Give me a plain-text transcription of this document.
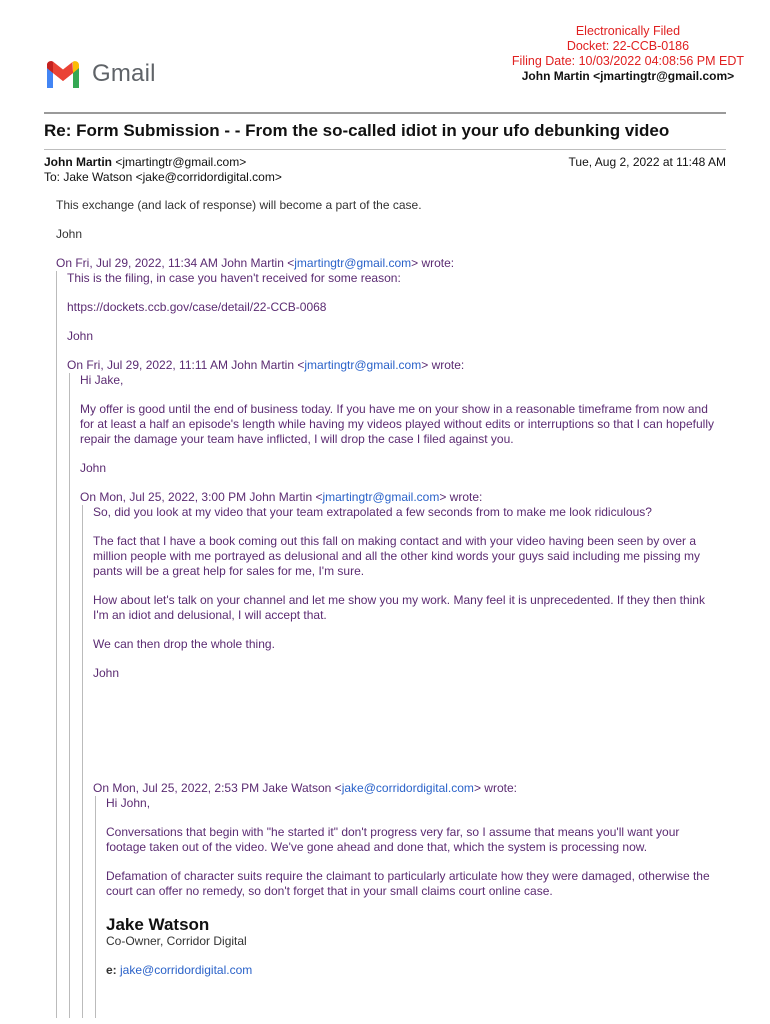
Electronically Filed
Docket: 22-CCB-0186
Filing Date: 10/03/2022 04:08:56 PM EDT
John Martin <jmartingtr@gmail.com>
Gmail
Re: Form Submission - - From the so-called idiot in your ufo debunking video
John Martin <jmartingtr@gmail.com>
To: Jake Watson <jake@corridordigital.com>
Tue, Aug 2, 2022 at 11:48 AM

This exchange (and lack of response) will become a part of the case.

John

On Fri, Jul 29, 2022, 11:34 AM John Martin <jmartingtr@gmail.com> wrote:

This is the filing, in case you haven't received for some reason:

https://dockets.ccb.gov/case/detail/22-CCB-0068

John

On Fri, Jul 29, 2022, 11:11 AM John Martin <jmartingtr@gmail.com> wrote:

Hi Jake,

My offer is good until the end of business today. If you have me on your show in a reasonable timeframe from now and for at least a half an episode's length while having my videos played without edits or interruptions so that I can hopefully repair the damage your team have inflicted, I will drop the case I filed against you.

John

On Mon, Jul 25, 2022, 3:00 PM John Martin <jmartingtr@gmail.com> wrote:

So, did you look at my video that your team extrapolated a few seconds from to make me look ridiculous?

The fact that I have a book coming out this fall on making contact and with your video having been seen by over a million people with me portrayed as delusional and all the other kind words your guys said including me pissing my pants will be a great help for sales for me, I'm sure.

How about let's talk on your channel and let me show you my work. Many feel it is unprecedented. If they then think I'm an idiot and delusional, I will accept that.

We can then drop the whole thing.

John

On Mon, Jul 25, 2022, 2:53 PM Jake Watson <jake@corridordigital.com> wrote:

Hi John,

Conversations that begin with "he started it" don't progress very far, so I assume that means you'll want your footage taken out of the video. We've gone ahead and done that, which the system is processing now.

Defamation of character suits require the claimant to particularly articulate how they were damaged, otherwise the court can offer no remedy, so don't forget that in your small claims court online case.

Jake Watson
Co-Owner, Corridor Digital
e: jake@corridordigital.com
